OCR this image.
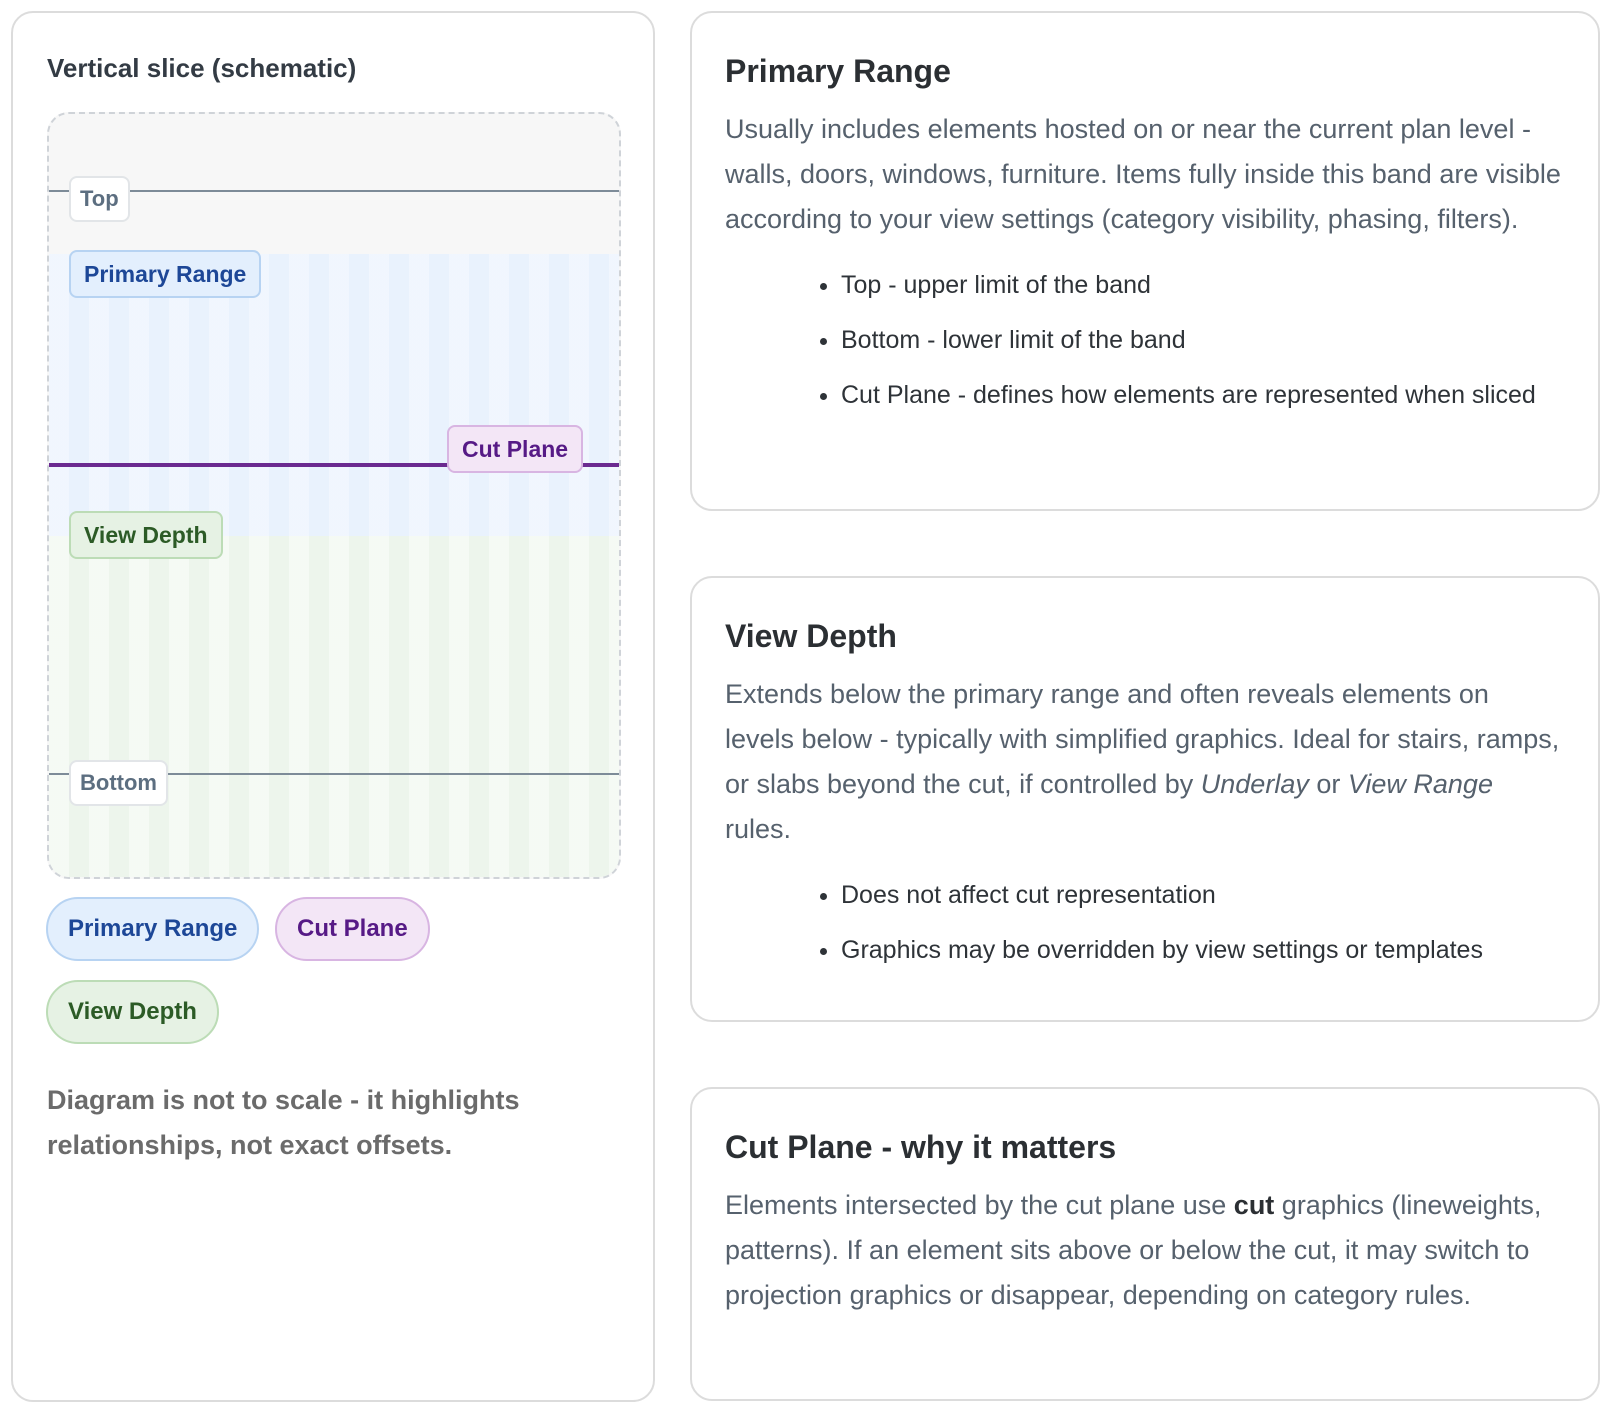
Vertical slice (schematic)
Top
Primary Range
Cut Plane
View Depth
Bottom
Primary Range	Cut Plane
View Depth
Diagram is not to scale - it highlights relationships, not exact offsets.
Primary Range

Usually includes elements hosted on or near the current plan level - walls, doors, windows, furniture. Items fully inside this band are visible according to your view settings (category visibility, phasing, filters).

• Top - upper limit of the band
• Bottom - lower limit of the band
• Cut Plane - defines how elements are represented when sliced
View Depth

Extends below the primary range and often reveals elements on levels below - typically with simplified graphics. Ideal for stairs, ramps, or slabs beyond the cut, if controlled by Underlay or View Range rules.

• Does not affect cut representation
• Graphics may be overridden by view settings or templates
Cut Plane - why it matters

Elements intersected by the cut plane use cut graphics (lineweights, patterns). If an element sits above or below the cut, it may switch to projection graphics or disappear, depending on category rules.
